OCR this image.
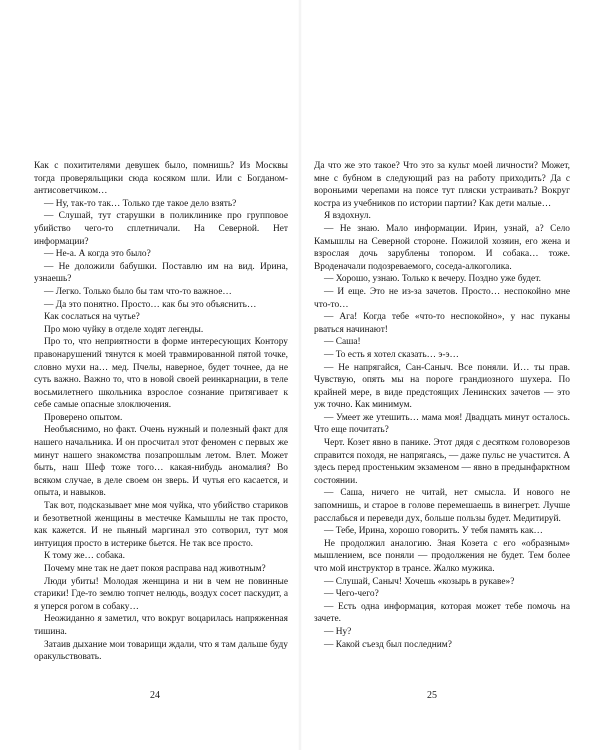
Как с похитителями девушек было, помнишь? Из Москвы тогда проверяльщики сюда косяком шли. Или с Богданом-антисоветчиком…

— Ну, так-то так… Только где такое дело взять?

— Слушай, тут старушки в поликлинике про групповое убийство чего-то сплетничали. На Северной. Нет информации?

— Не-а. А когда это было?

— Не доложили бабушки. Поставлю им на вид. Ирина, узнаешь?

— Легко. Только было бы там что-то важное…

— Да это понятно. Просто… как бы это объяснить…

Как сослаться на чутье?

Про мою чуйку в отделе ходят легенды.

Про то, что неприятности в форме интересующих Контору правонарушений тянутся к моей травмированной пятой точке, словно мухи на… мед. Пчелы, наверное, будет точнее, да не суть важно. Важно то, что в новой своей реинкарнации, в теле восьмилетнего школьника взрослое сознание притягивает к себе самые опасные злоключения.

Проверено опытом.

Необъяснимо, но факт. Очень нужный и полезный факт для нашего начальника. И он просчитал этот феномен с первых же минут нашего знакомства позапрошлым летом. Влет. Может быть, наш Шеф тоже того… какая-нибудь аномалия? Во всяком случае, в деле своем он зверь. И чутья его касается, и опыта, и навыков.

Так вот, подсказывает мне моя чуйка, что убийство стариков и безответной женщины в местечке Камышлы не так просто, как кажется. И не пьяный маргинал это сотворил, тут моя интуиция просто в истерике бьется. Не так все просто.

К тому же… собака.

Почему мне так не дает покоя расправа над животным?

Люди убиты! Молодая женщина и ни в чем не повинные старики! Где-то землю топчет нелюдь, воздух сосет паскудит, а я уперся рогом в собаку…

Неожиданно я заметил, что вокруг воцарилась напряженная тишина.

Затаив дыхание мои товарищи ждали, что я там дальше буду оракульствовать.

24

Да что же это такое? Что это за культ моей личности? Может, мне с бубном в следующий раз на работу приходить? Да с вороньими черепами на поясе тут пляски устраивать? Вокруг костра из учебников по истории партии? Как дети малые…

Я вздохнул.

— Не знаю. Мало информации. Ирин, узнай, а? Село Камышлы на Северной стороне. Пожилой хозяин, его жена и взрослая дочь зарублены топором. И собака… тоже. Вроденачали подозреваемого, соседа-алкоголика.

— Хорошо, узнаю. Только к вечеру. Поздно уже будет.

— И еще. Это не из-за зачетов. Просто… неспокойно мне что-то…

— Ага! Когда тебе «что-то неспокойно», у нас пуканы рваться начинают!

— Саша!

— То есть я хотел сказать… э-э…

— Не напрягайся, Сан-Саныч. Все поняли. И… ты прав. Чувствую, опять мы на пороге грандиозного шухера. По крайней мере, в виде предстоящих Ленинских зачетов — это уж точно. Как минимум.

— Умеет же утешить… мама моя! Двадцать минут осталось. Что еще почитать?

Черт. Козет явно в панике. Этот дядя с десятком головорезов справится походя, не напрягаясь, — даже пульс не участится. А здесь перед простеньким экзаменом — явно в предынфарктном состоянии.

— Саша, ничего не читай, нет смысла. И нового не запомнишь, и старое в голове перемешаешь в винегрет. Лучше расслабься и переведи дух, больше пользы будет. Медитируй.

— Тебе, Ирина, хорошо говорить. У тебя память как…

Не продолжил аналогию. Зная Козета с его «образным» мышлением, все поняли — продолжения не будет. Тем более что мой инструктор в трансе. Жалко мужика.

— Слушай, Саныч! Хочешь «козырь в рукаве»?

— Чего-чего?

— Есть одна информация, которая может тебе помочь на зачете.

— Ну?

— Какой съезд был последним?

25
